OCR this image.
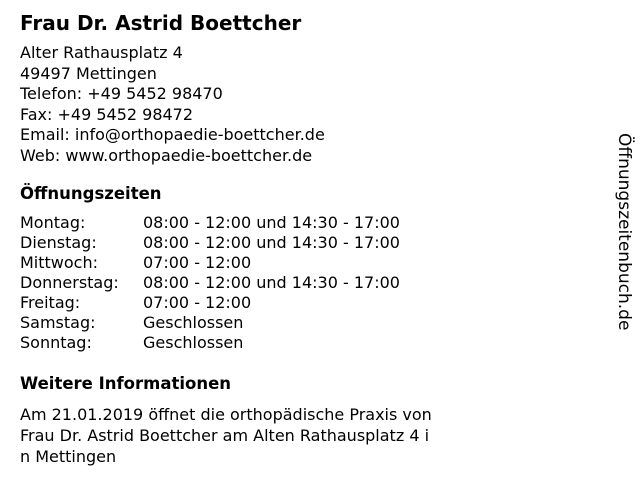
Frau Dr. Astrid Boettcher
Alter Rathausplatz 4
49497 Mettingen
Telefon: +49 5452 98470
Fax: +49 5452 98472
Email: info@orthopaedie-boettcher.de
Web: www.orthopaedie-boettcher.de
Öffnungszeiten
Montag:	08:00 - 12:00 und 14:30 - 17:00
Dienstag:	08:00 - 12:00 und 14:30 - 17:00
Mittwoch:	07:00 - 12:00
Donnerstag:	08:00 - 12:00 und 14:30 - 17:00
Freitag:	07:00 - 12:00
Samstag:	Geschlossen
Sonntag:	Geschlossen
Weitere Informationen
Am 21.01.2019 öffnet die orthopädische Praxis von Frau Dr. Astrid Boettcher am Alten Rathausplatz 4 in Mettingen
Öffnungszeitenbuch.de
